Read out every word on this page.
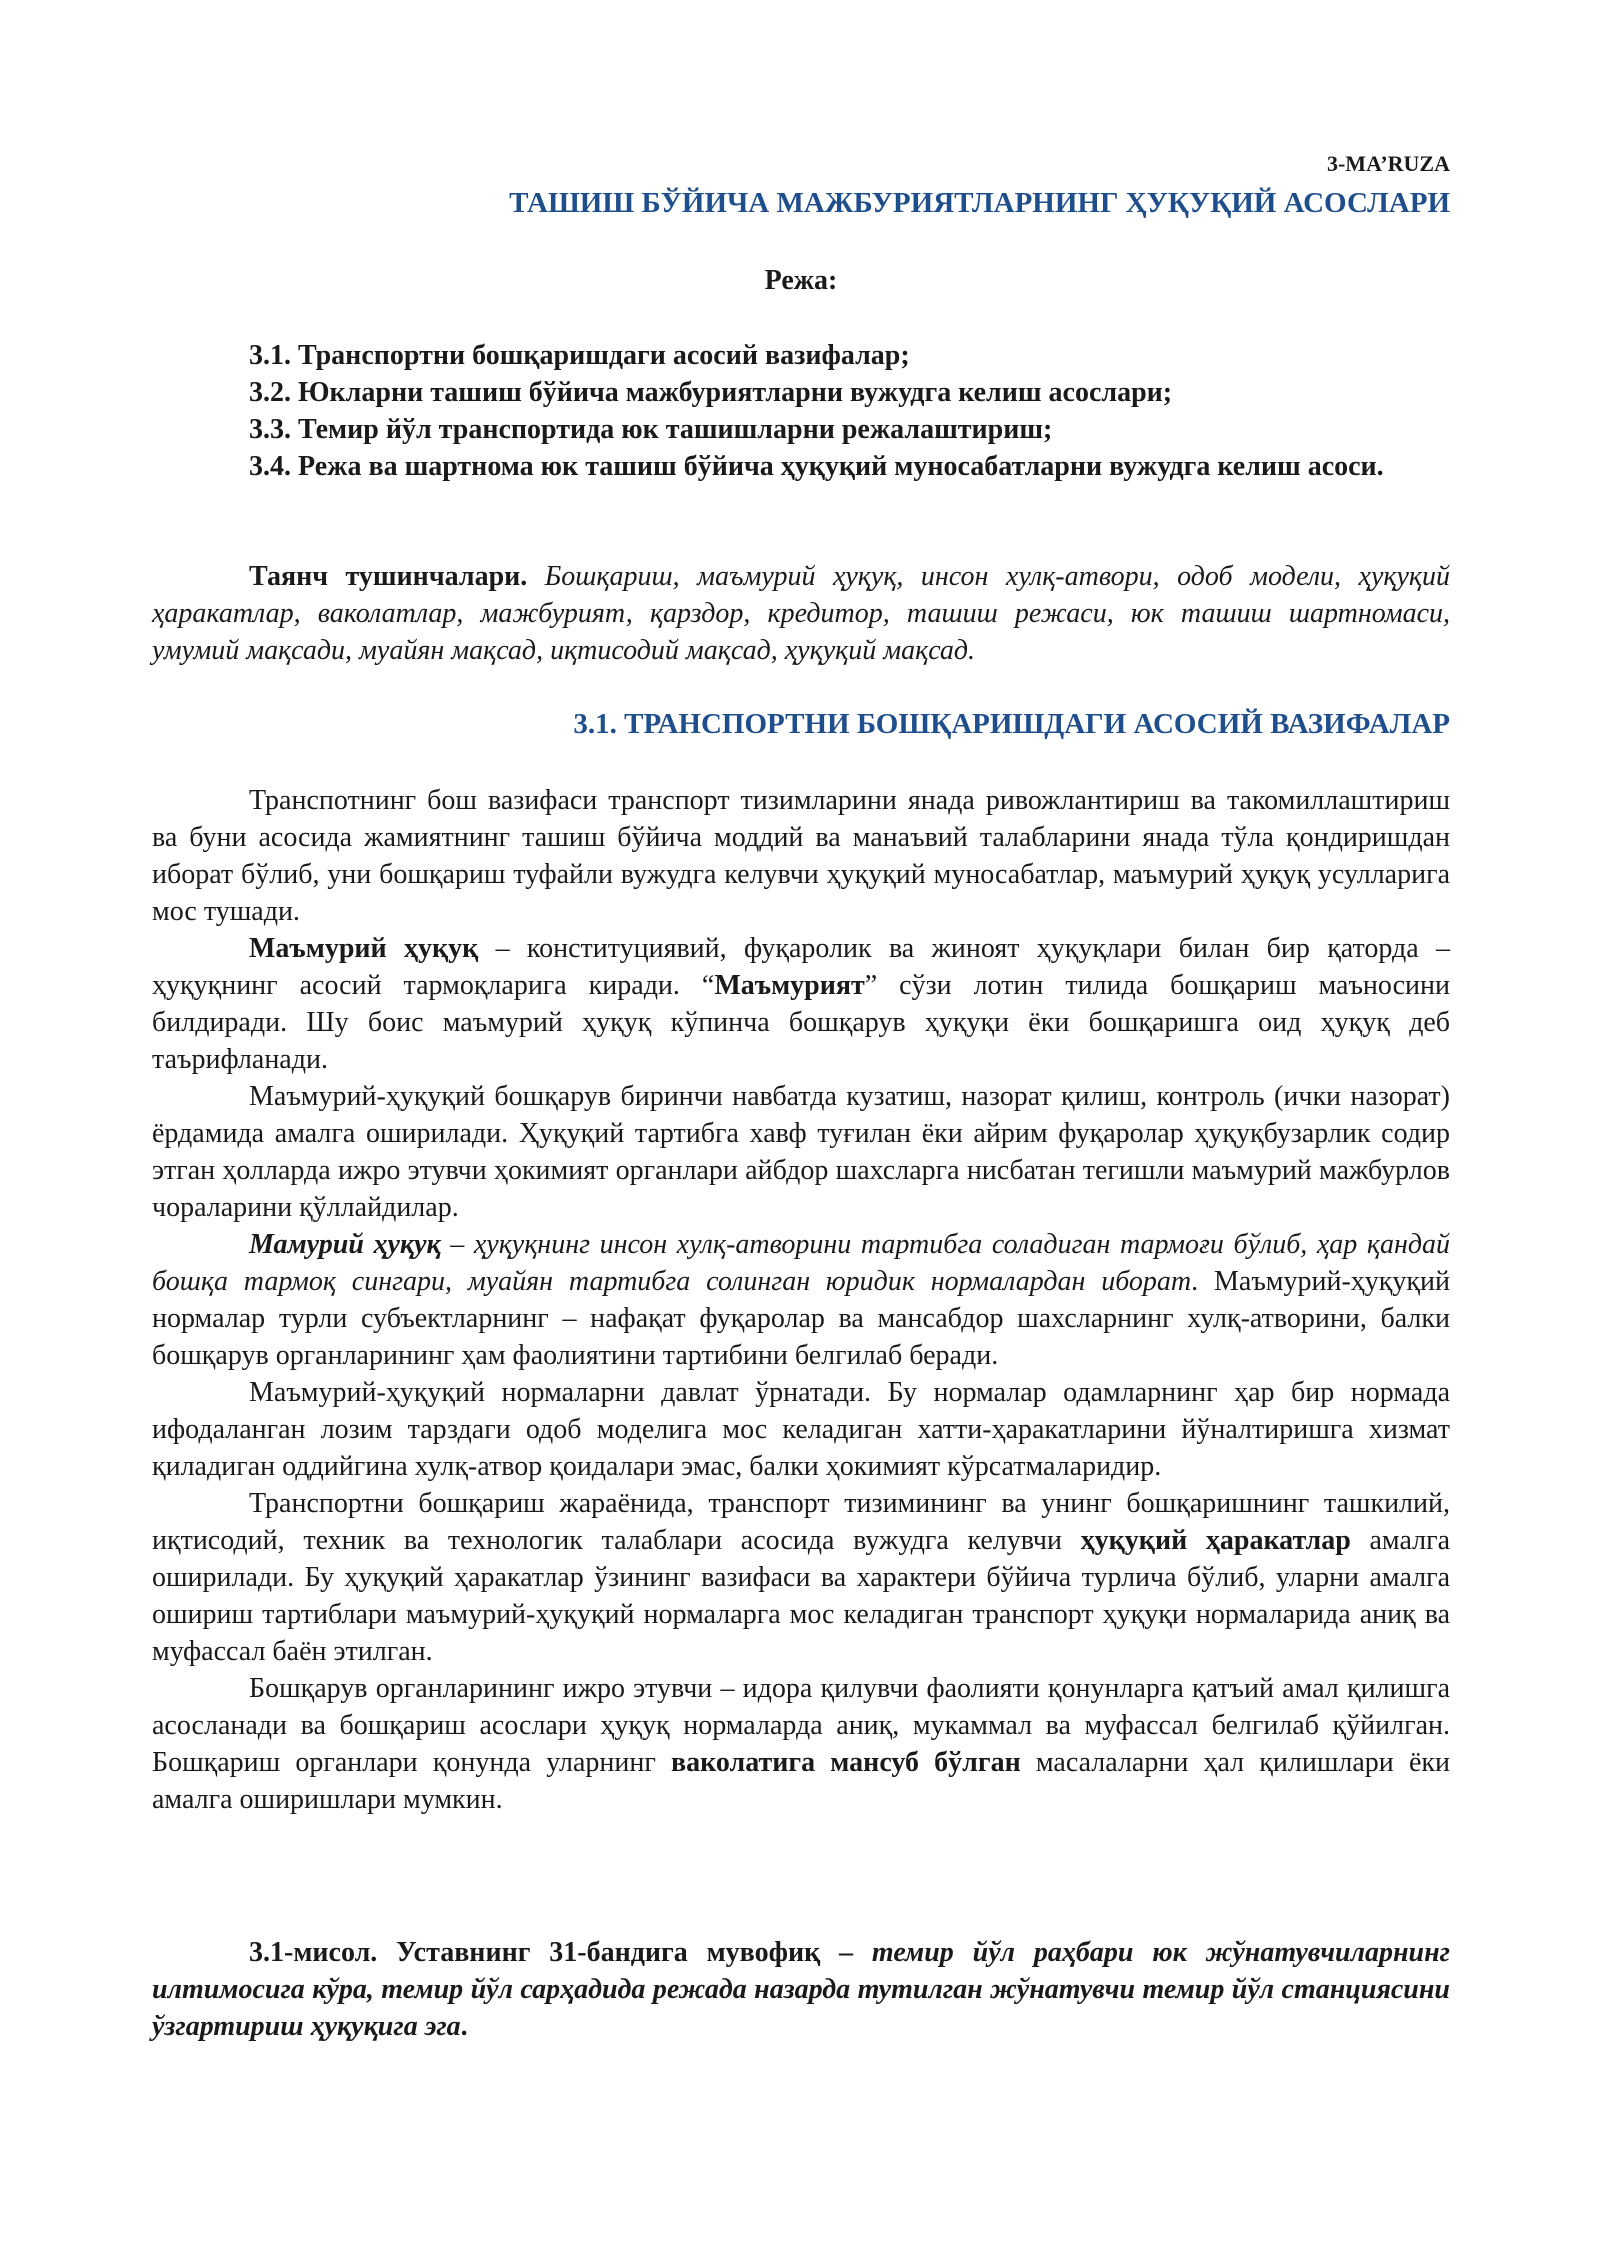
3-MA’RUZA
ТАШИШ БЎЙИЧА МАЖБУРИЯТЛАРНИНГ ҲУҚУҚИЙ АСОСЛАРИ
Режа:

3.1. Транспортни бошқаришдаги асосий вазифалар;

3.2. Юкларни ташиш бўйича мажбуриятларни вужудга келиш асослари;

3.3. Темир йўл транспортида юк ташишларни режалаштириш;

3.4. Режа ва шартнома юк ташиш бўйича ҳуқуқий муносабатларни вужудга келиш асоси.

Таянч тушинчалари. Бошқариш, маъмурий ҳуқуқ, инсон хулқ-атвори, одоб модели, ҳуқуқий ҳаракатлар, ваколатлар, мажбурият, қарздор, кредитор, ташиш режаси, юк ташиш шартномаси, умумий мақсади, муайян мақсад, иқтисодий мақсад, ҳуқуқий мақсад.

3.1. ТРАНСПОРТНИ БОШҚАРИШДАГИ АСОСИЙ ВАЗИФАЛАР

Транспотнинг бош вазифаси транспорт тизимларини янада ривожлантириш ва такомиллаштириш ва буни асосида жамиятнинг ташиш бўйича моддий ва манаъвий талабларини янада тўла қондиришдан иборат бўлиб, уни бошқариш туфайли вужудга келувчи ҳуқуқий муносабатлар, маъмурий ҳуқуқ усулларига мос тушади.

Маъмурий ҳуқуқ – конституциявий, фуқаролик ва жиноят ҳуқуқлари билан бир қаторда – ҳуқуқнинг асосий тармоқларига киради. “Маъмурият” сўзи лотин тилида бошқариш маъносини билдиради. Шу боис маъмурий ҳуқуқ кўпинча бошқарув ҳуқуқи ёки бошқаришга оид ҳуқуқ деб таърифланади.

Маъмурий-ҳуқуқий бошқарув биринчи навбатда кузатиш, назорат қилиш, контроль (ички назорат) ёрдамида амалга оширилади. Ҳуқуқий тартибга хавф туғилан ёки айрим фуқаролар ҳуқуқбузарлик содир этган ҳолларда ижро этувчи ҳокимият органлари айбдор шахсларга нисбатан тегишли маъмурий мажбурлов чораларини қўллайдилар.

Мамурий ҳуқуқ – ҳуқуқнинг инсон хулқ-атворини тартибга соладиган тармоғи бўлиб, ҳар қандай бошқа тармоқ сингари, муайян тартибга солинган юридик нормалардан иборат. Маъмурий-ҳуқуқий нормалар турли субъектларнинг – нафақат фуқаролар ва мансабдор шахсларнинг хулқ-атворини, балки бошқарув органларининг ҳам фаолиятини тартибини белгилаб беради.

Маъмурий-ҳуқуқий нормаларни давлат ўрнатади. Бу нормалар одамларнинг ҳар бир нормада ифодаланган лозим тарздаги одоб моделига мос келадиган хатти-ҳаракатларини йўналтиришга хизмат қиладиган оддийгина хулқ-атвор қоидалари эмас, балки ҳокимият кўрсатмаларидир.

Транспортни бошқариш жараёнида, транспорт тизимининг ва унинг бошқаришнинг ташкилий, иқтисодий, техник ва технологик талаблари асосида вужудга келувчи ҳуқуқий ҳаракатлар амалга оширилади. Бу ҳуқуқий ҳаракатлар ўзининг вазифаси ва характери бўйича турлича бўлиб, уларни амалга ошириш тартиблари маъмурий-ҳуқуқий нормаларга мос келадиган транспорт ҳуқуқи нормаларида аниқ ва муфассал баён этилган.

Бошқарув органларининг ижро этувчи – идора қилувчи фаолияти қонунларга қатъий амал қилишга асосланади ва бошқариш асослари ҳуқуқ нормаларда аниқ, мукаммал ва муфассал белгилаб қўйилган. Бошқариш органлари қонунда уларнинг ваколатига мансуб бўлган масалаларни ҳал қилишлари ёки амалга оширишлари мумкин.

3.1-мисол. Уставнинг 31-бандига мувофиқ – темир йўл раҳбари юк жўнатувчиларнинг илтимосига кўра, темир йўл сарҳадида режада назарда тутилган жўнатувчи темир йўл станциясини ўзгартириш ҳуқуқига эга.
